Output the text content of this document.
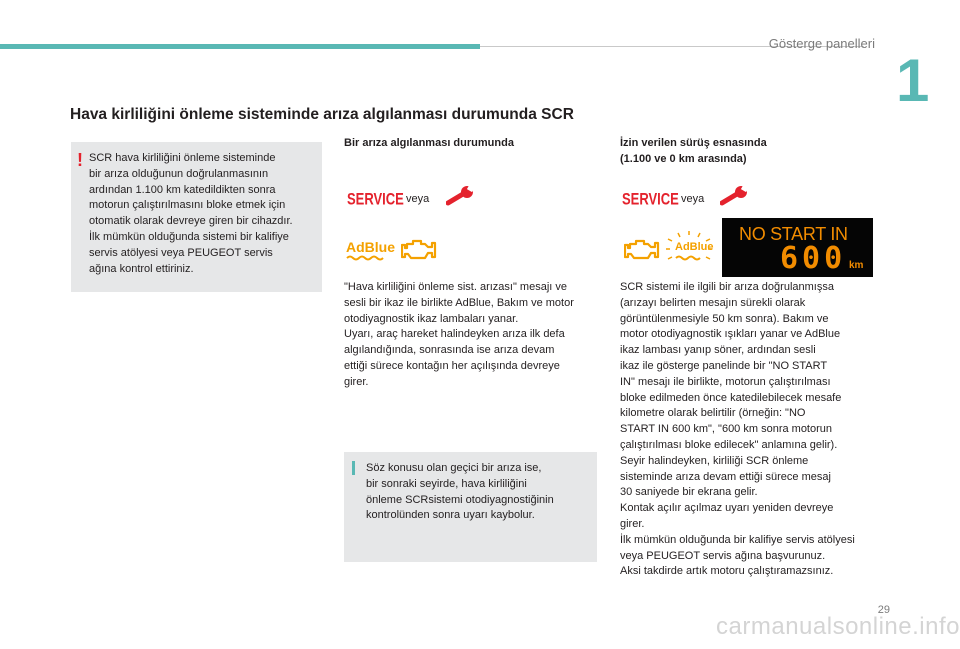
Gösterge panelleri
1
Hava kirliliğini önleme sisteminde arıza algılanması durumunda SCR
! SCR hava kirliliğini önleme sisteminde
bir arıza olduğunun doğrulanmasının
ardından 1.100 km katedildikten sonra
motorun çalıştırılmasını bloke etmek için
otomatik olarak devreye giren bir cihazdır.
İlk mümkün olduğunda sistemi bir kalifiye
servis atölyesi veya PEUGEOT servis
ağına kontrol ettiriniz.
Bir arıza algılanması durumunda
SERVICE veya
AdBlue
"Hava kirliliğini önleme sist. arızası" mesajı ve
sesli bir ikaz ile birlikte AdBlue, Bakım ve motor
otodiyagnostik ikaz lambaları yanar.
Uyarı, araç hareket halindeyken arıza ilk defa
algılandığında, sonrasında ise arıza devam
ettiği sürece kontağın her açılışında devreye
girer.
Söz konusu olan geçici bir arıza ise,
bir sonraki seyirde, hava kirliliğini
önleme SCRsistemi otodiyagnostiğinin
kontrolünden sonra uyarı kaybolur.
İzin verilen sürüş esnasında
(1.100 ve 0 km arasında)
SERVICE veya
AdBlue
NO START IN
600 km
SCR sistemi ile ilgili bir arıza doğrulanmışsa
(arızayı belirten mesajın sürekli olarak
görüntülenmesiyle 50 km sonra). Bakım ve
motor otodiyagnostik ışıkları yanar ve AdBlue
ikaz lambası yanıp söner, ardından sesli
ikaz ile gösterge panelinde bir "NO START
IN" mesajı ile birlikte, motorun çalıştırılması
bloke edilmeden önce katedilebilecek mesafe
kilometre olarak belirtilir (örneğin: "NO
START IN 600 km", "600 km sonra motorun
çalıştırılması bloke edilecek" anlamına gelir).
Seyir halindeyken, kirliliği SCR önleme
sisteminde arıza devam ettiği sürece mesaj
30 saniyede bir ekrana gelir.
Kontak açılır açılmaz uyarı yeniden devreye
girer.
İlk mümkün olduğunda bir kalifiye servis atölyesi
veya PEUGEOT servis ağına başvurunuz.
Aksi takdirde artık motoru çalıştıramazsınız.
29
carmanualsonline.info
